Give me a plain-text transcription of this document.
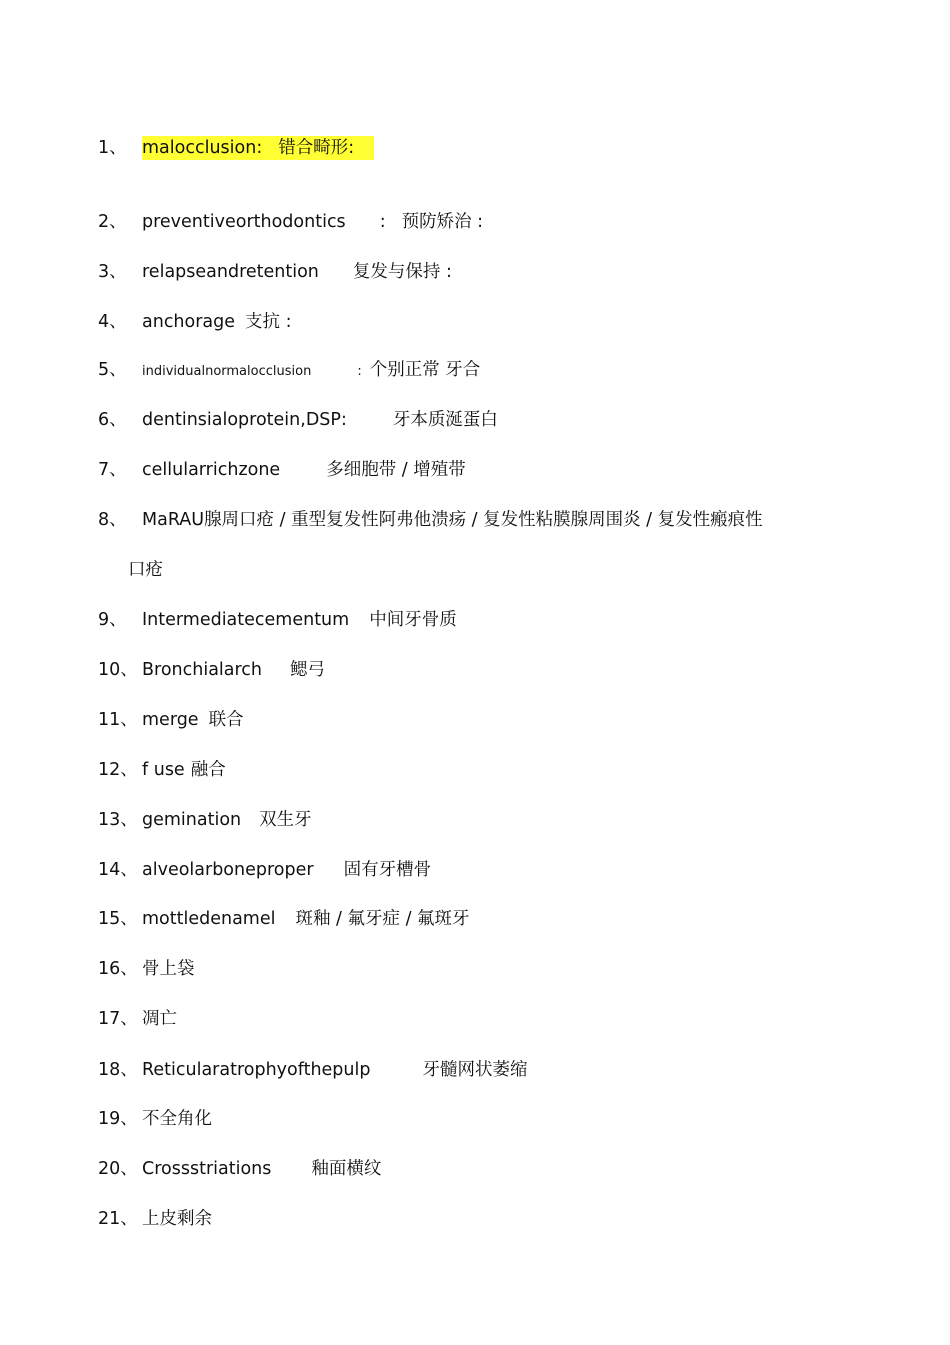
1、 malocclusion: 错合畸形:
2、 preventiveorthodontics : 预防矫治 :
3、 relapseandretention 复发与保持 :
4、 anchorage 支抗 :
5、 individualnormalocclusion	: 个别正常 牙合
6、 dentinsialoprotein,DSP:	牙本质涎蛋白
7、 cellularrichzone	多细胞带 / 增殖带
8、 MaRAU腺周口疮 / 重型复发性阿弗他溃疡 / 复发性粘膜腺周围炎 / 复发性瘢痕性
口疮
9、 Intermediatecementum 中间牙骨质
10、 Bronchialarch 鳃弓
11、 merge 联合
12、 f use 融合
13、 gemination 双生牙
14、 alveolarboneproper 固有牙槽骨
15、 mottledenamel 斑釉 / 氟牙症 / 氟斑牙
16、 骨上袋
17、 凋亡
18、 Reticularatrophyofthepulp	牙髓网状萎缩
19、 不全角化
20、 Crossstriations 釉面横纹
21、 上皮剩余
